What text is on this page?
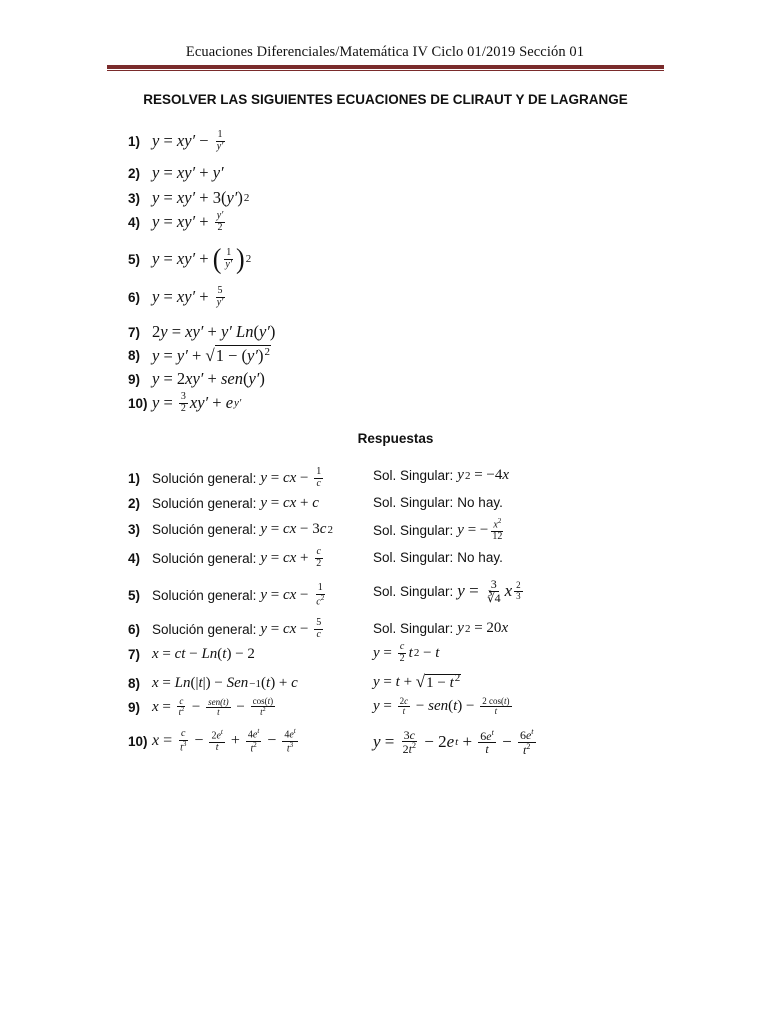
Ecuaciones Diferenciales/Matemática IV Ciclo 01/2019 Sección 01
RESOLVER LAS SIGUIENTES ECUACIONES DE CLIRAUT Y DE LAGRANGE
1) $y = xy' - \frac{1}{y'}$
2) y = xy′ + y′
3) y = xy′ + 3( y′ ) 2
4) $y = xy' + \frac{y'}{2}$
5) y = xy′ + ( $\frac{1}{y'}$ ) 2
6) $y = xy' + \frac{5}{y'}$
7) 2 y = xy′ + y′ Ln ( y′ )
8) y = y′ + √ $1 - (y')^2$
9) y = 2 xy′ + sen ( y′ )
10) $y = \frac{3}{2} xy' + e$ y′
Respuestas
1) Solución general: y = cx − $\frac{1}{c}$	Sol. Singular: y 2 = −4 x
2) Solución general: y = cx + c	Sol. Singular: No hay.
3) Solución general: y = cx − 3 c 2	Sol. Singular: y = − $\frac{x^2}{12}$
4) Solución general: y = cx + $\frac{c}{2}$	Sol. Singular: No hay.
5) Solución general: y = cx − $\frac{1}{c^2}$	Sol. Singular: $y = \frac{3}{∛4}$ x $\frac{2}{3}$
6) Solución general: y = cx − $\frac{5}{c}$	Sol. Singular: y 2 = 20 x
7) x = ct − Ln ( t ) − 2	$y = \frac{c}{2}$ t 2 − t
8) x = Ln (| t |) − Sen −1 ( t ) + c	y = t + √ $1 - t^2$
9) $x = \frac{c}{t^2} - \frac{\text{sen(t)}}{t} - \frac{\cos(t)}{t^2}$	$y = \frac{2c}{t}$ − sen ( t ) − $\frac{2 \cos(t)}{t}$
10) $x = \frac{c}{t^3} - \frac{2e^t}{t} + \frac{4e^t}{t^2} - \frac{4e^t}{t^3}$	$y = \frac{3c}{2t^2} - 2$ e $t + \frac{6e^t}{t} - \frac{6e^t}{t^2}$
